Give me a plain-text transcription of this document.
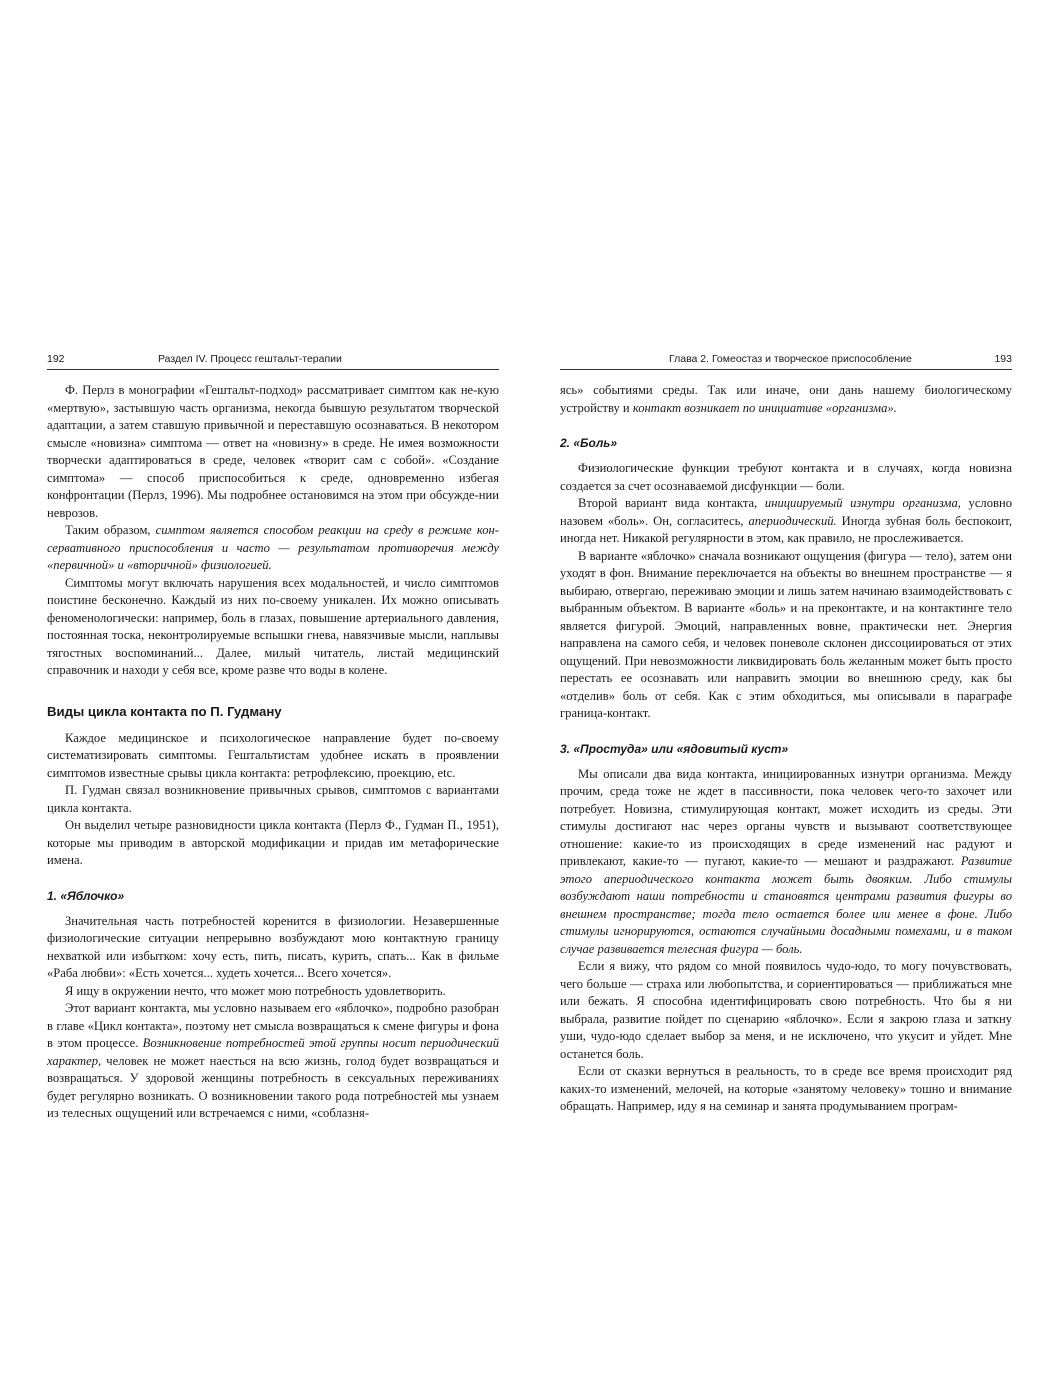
192	Раздел IV. Процесс гештальт-терапии

Ф. Перлз в монографии «Гештальт-подход» рассматривает симптом как не-кую «мертвую», застывшую часть организма, некогда бывшую результатом творческой адаптации, а затем ставшую привычной и переставшую осознаваться. В некотором смысле «новизна» симптома — ответ на «новизну» в среде. Не имея возможности творчески адаптироваться в среде, человек «творит сам с собой». «Создание симптома» — способ приспособиться к среде, одновременно избегая конфронтации (Перлз, 1996). Мы подробнее остановимся на этом при обсужде-нии неврозов.

Таким образом, симптом является способом реакции на среду в режиме кон-сервативного приспособления и часто — результатом противоречия между «первичной» и «вторичной» физиологией.

Симптомы могут включать нарушения всех модальностей, и число симптомов поистине бесконечно. Каждый из них по-своему уникален. Их можно описывать феноменологически: например, боль в глазах, повышение артериального давления, постоянная тоска, неконтролируемые вспышки гнева, навязчивые мысли, наплывы тягостных воспоминаний... Далее, милый читатель, листай медицинский справочник и находи у себя все, кроме разве что воды в колене.

Виды цикла контакта по П. Гудману

Каждое медицинское и психологическое направление будет по-своему систематизировать симптомы. Гештальтистам удобнее искать в проявлении симптомов известные срывы цикла контакта: ретрофлексию, проекцию, etc.

П. Гудман связал возникновение привычных срывов, симптомов с вариантами цикла контакта.

Он выделил четыре разновидности цикла контакта (Перлз Ф., Гудман П., 1951), которые мы приводим в авторской модификации и придав им метафорические имена.

1. «Яблочко»

Значительная часть потребностей коренится в физиологии. Незавершенные физиологические ситуации непрерывно возбуждают мою контактную границу нехваткой или избытком: хочу есть, пить, писать, курить, спать... Как в фильме «Раба любви»: «Есть хочется... худеть хочется... Всего хочется».

Я ищу в окружении нечто, что может мою потребность удовлетворить.

Этот вариант контакта, мы условно называем его «яблочко», подробно разобран в главе «Цикл контакта», поэтому нет смысла возвращаться к смене фигуры и фона в этом процессе. Возникновение потребностей этой группы носит периодический характер, человек не может наесться на всю жизнь, голод будет возвращаться и возвращаться. У здоровой женщины потребность в сексуальных переживаниях будет регулярно возникать. О возникновении такого рода потребностей мы узнаем из телесных ощущений или встречаемся с ними, «соблазня-

Глава 2. Гомеостаз и творческое приспособление	193

ясь» событиями среды. Так или иначе, они дань нашему биологическому устройству и контакт возникает по инициативе «организма».

2. «Боль»

Физиологические функции требуют контакта и в случаях, когда новизна создается за счет осознаваемой дисфункции — боли.

Второй вариант вида контакта, инициируемый изнутри организма, условно назовем «боль». Он, согласитесь, апериодический. Иногда зубная боль беспокоит, иногда нет. Никакой регулярности в этом, как правило, не прослеживается.

В варианте «яблочко» сначала возникают ощущения (фигура — тело), затем они уходят в фон. Внимание переключается на объекты во внешнем пространстве — я выбираю, отвергаю, переживаю эмоции и лишь затем начинаю взаимодействовать с выбранным объектом. В варианте «боль» и на преконтакте, и на контактинге тело является фигурой. Эмоций, направленных вовне, практически нет. Энергия направлена на самого себя, и человек поневоле склонен диссоциироваться от этих ощущений. При невозможности ликвидировать боль желанным может быть просто перестать ее осознавать или направить эмоции во внешнюю среду, как бы «отделив» боль от себя. Как с этим обходиться, мы описывали в параграфе граница-контакт.

3. «Простуда» или «ядовитый куст»

Мы описали два вида контакта, инициированных изнутри организма. Между прочим, среда тоже не ждет в пассивности, пока человек чего-то захочет или потребует. Новизна, стимулирующая контакт, может исходить из среды. Эти стимулы достигают нас через органы чувств и вызывают соответствующее отношение: какие-то из происходящих в среде изменений нас радуют и привлекают, какие-то — пугают, какие-то — мешают и раздражают. Развитие этого апериодического контакта может быть двояким. Либо стимулы возбуждают наши потребности и становятся центрами развития фигуры во внешнем пространстве; тогда тело остается более или менее в фоне. Либо стимулы игнорируются, остаются случайными досадными помехами, и в таком случае развивается телесная фигура — боль.

Если я вижу, что рядом со мной появилось чудо-юдо, то могу почувствовать, чего больше — страха или любопытства, и сориентироваться — приближаться мне или бежать. Я способна идентифицировать свою потребность. Что бы я ни выбрала, развитие пойдет по сценарию «яблочко». Если я закрою глаза и заткну уши, чудо-юдо сделает выбор за меня, и не исключено, что укусит и уйдет. Мне останется боль.

Если от сказки вернуться в реальность, то в среде все время происходит ряд каких-то изменений, мелочей, на которые «занятому человеку» тошно и внимание обращать. Например, иду я на семинар и занята продумыванием програм-
